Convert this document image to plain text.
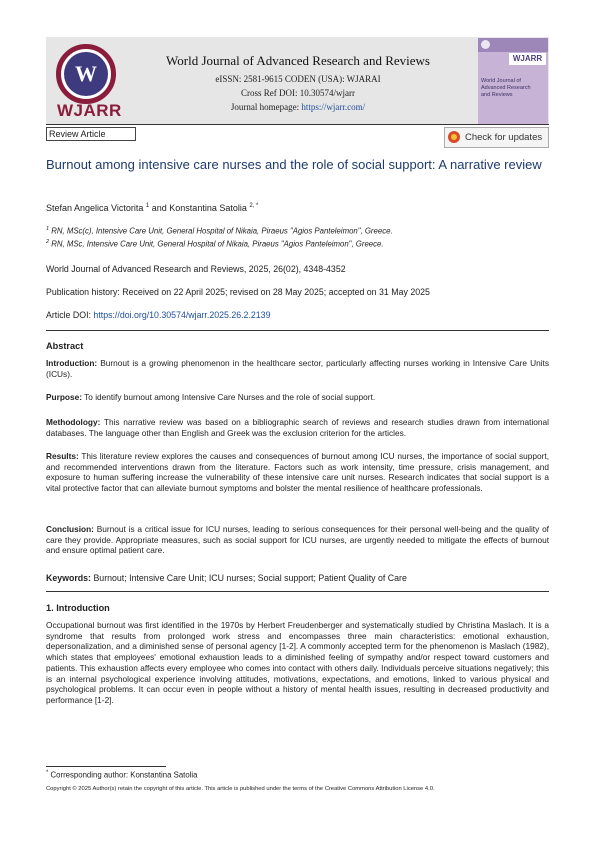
W
WJARR
World Journal of Advanced Research and Reviews
eISSN: 2581-9615 CODEN (USA): WJARAI
Cross Ref DOI: 10.30574/wjarr
Journal homepage: https://wjarr.com/
WJARR
World Journal of Advanced Research and Reviews
Review Article	Check for updates
Burnout among intensive care nurses and the role of social support: A narrative review
Stefan Angelica Victorita $^1$ and Konstantina Satolia $^{2, *}$
$^1$ RN, MSc(c), Intensive Care Unit, General Hospital of Nikaia, Piraeus "Agios Panteleimon", Greece.
$^2$ RN, MSc, Intensive Care Unit, General Hospital of Nikaia, Piraeus "Agios Panteleimon", Greece.
World Journal of Advanced Research and Reviews, 2025, 26(02), 4348-4352
Publication history: Received on 22 April 2025; revised on 28 May 2025; accepted on 31 May 2025
Article DOI: https://doi.org/10.30574/wjarr.2025.26.2.2139
Abstract
Introduction: Burnout is a growing phenomenon in the healthcare sector, particularly affecting nurses working in Intensive Care Units (ICUs).
Purpose: To identify burnout among Intensive Care Nurses and the role of social support.
Methodology: This narrative review was based on a bibliographic search of reviews and research studies drawn from international databases. The language other than English and Greek was the exclusion criterion for the articles.
Results: This literature review explores the causes and consequences of burnout among ICU nurses, the importance of social support, and recommended interventions drawn from the literature. Factors such as work intensity, time pressure, crisis management, and exposure to human suffering increase the vulnerability of these intensive care unit nurses. Research indicates that social support is a vital protective factor that can alleviate burnout symptoms and bolster the mental resilience of healthcare professionals.
Conclusion: Burnout is a critical issue for ICU nurses, leading to serious consequences for their personal well-being and the quality of care they provide. Appropriate measures, such as social support for ICU nurses, are urgently needed to mitigate the effects of burnout and ensure optimal patient care.
Keywords: Burnout; Intensive Care Unit; ICU nurses; Social support; Patient Quality of Care
1. Introduction
Occupational burnout was first identified in the 1970s by Herbert Freudenberger and systematically studied by Christina Maslach. It is a syndrome that results from prolonged work stress and encompasses three main characteristics: emotional exhaustion, depersonalization, and a diminished sense of personal agency [1-2]. A commonly accepted term for the phenomenon is Maslach (1982), which states that employees' emotional exhaustion leads to a diminished feeling of sympathy and/or respect toward customers and patients. This exhaustion affects every employee who comes into contact with others daily. Individuals perceive situations negatively; this is an internal psychological experience involving attitudes, motivations, expectations, and emotions, linked to various physical and psychological problems. It can occur even in people without a history of mental health issues, resulting in decreased productivity and performance [1-2].
* Corresponding author: Konstantina Satolia
Copyright © 2025 Author(s) retain the copyright of this article. This article is published under the terms of the Creative Commons Attribution License 4.0.
